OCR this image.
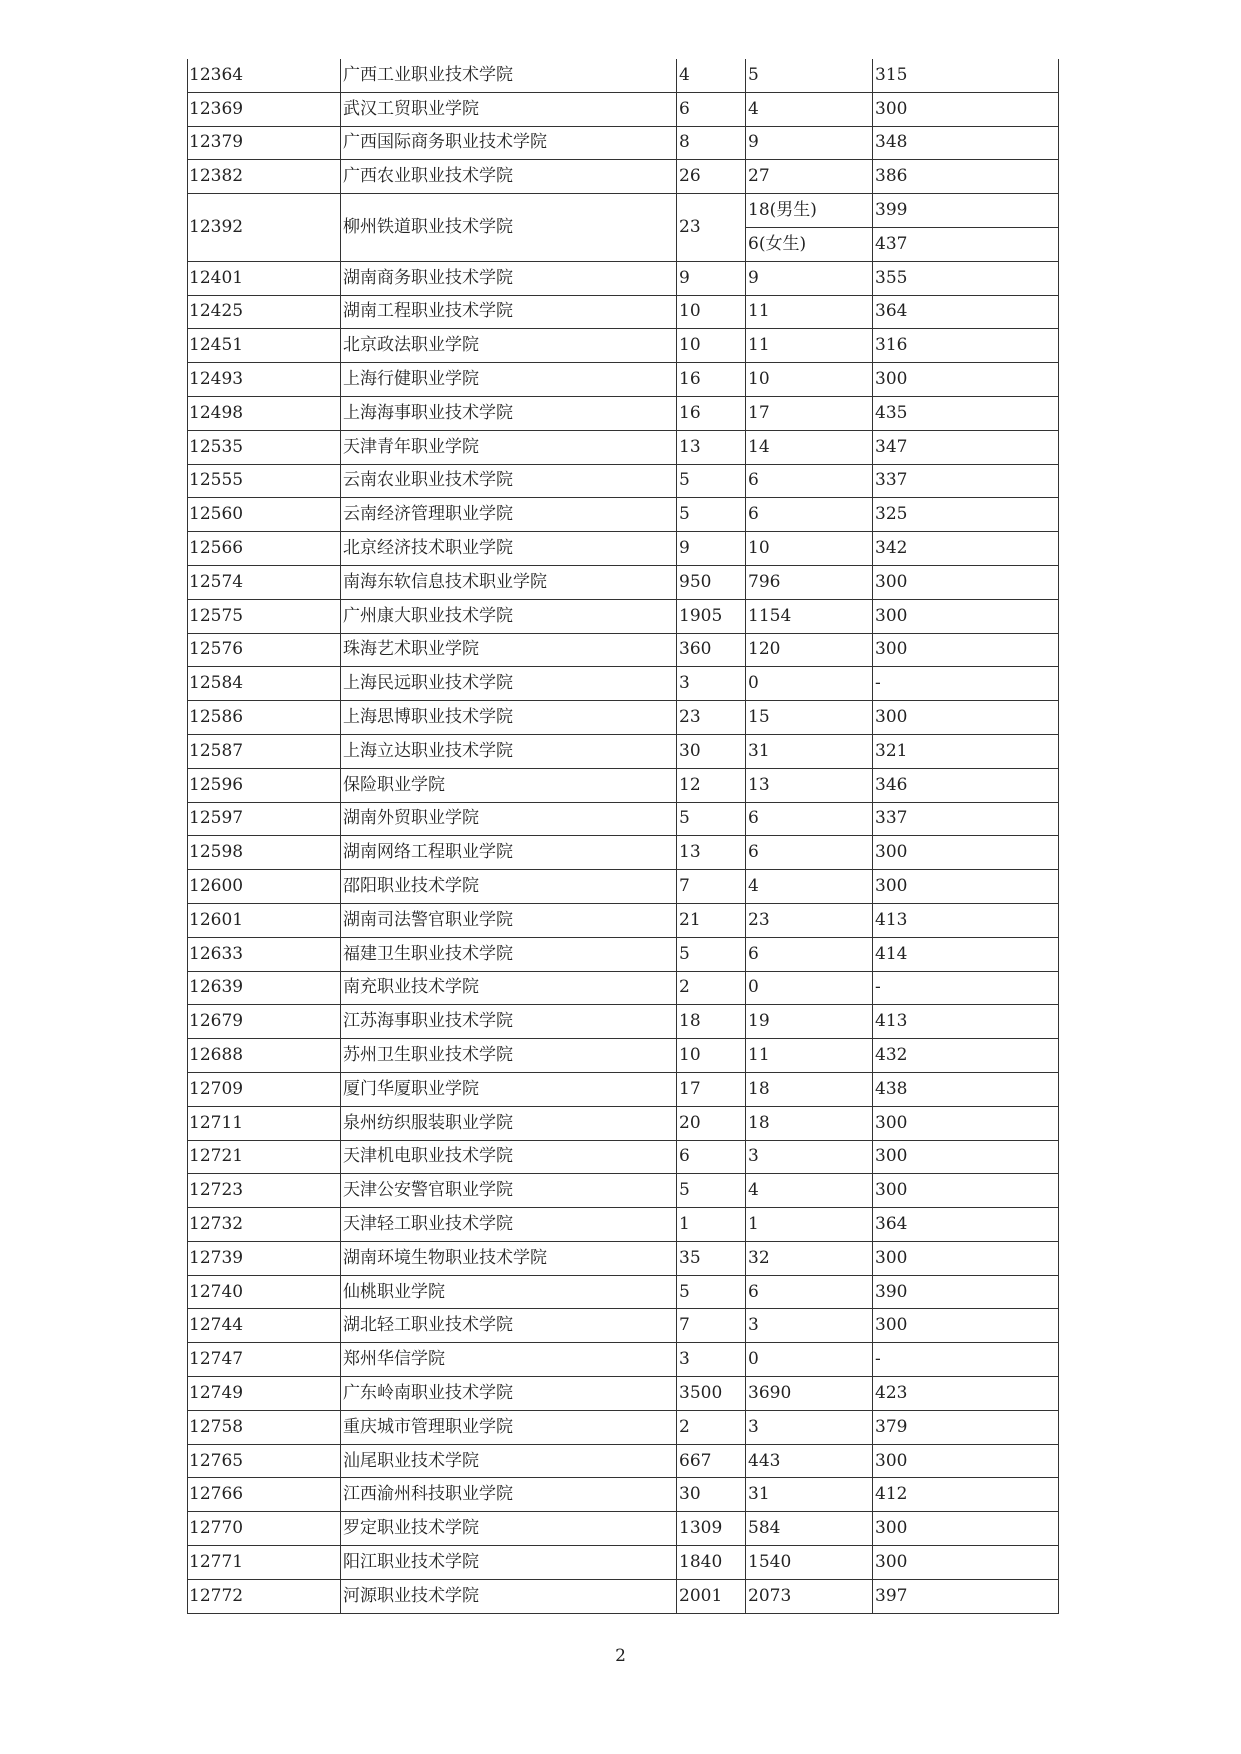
12364	广西工业职业技术学院	4	5	315
12369	武汉工贸职业学院	6	4	300
12379	广西国际商务职业技术学院	8	9	348
12382	广西农业职业技术学院	26	27	386
12392	柳州铁道职业技术学院	23	18(男生)	399
			6(女生)	437
12401	湖南商务职业技术学院	9	9	355
12425	湖南工程职业技术学院	10	11	364
12451	北京政法职业学院	10	11	316
12493	上海行健职业学院	16	10	300
12498	上海海事职业技术学院	16	17	435
12535	天津青年职业学院	13	14	347
12555	云南农业职业技术学院	5	6	337
12560	云南经济管理职业学院	5	6	325
12566	北京经济技术职业学院	9	10	342
12574	南海东软信息技术职业学院	950	796	300
12575	广州康大职业技术学院	1905	1154	300
12576	珠海艺术职业学院	360	120	300
12584	上海民远职业技术学院	3	0	-
12586	上海思博职业技术学院	23	15	300
12587	上海立达职业技术学院	30	31	321
12596	保险职业学院	12	13	346
12597	湖南外贸职业学院	5	6	337
12598	湖南网络工程职业学院	13	6	300
12600	邵阳职业技术学院	7	4	300
12601	湖南司法警官职业学院	21	23	413
12633	福建卫生职业技术学院	5	6	414
12639	南充职业技术学院	2	0	-
12679	江苏海事职业技术学院	18	19	413
12688	苏州卫生职业技术学院	10	11	432
12709	厦门华厦职业学院	17	18	438
12711	泉州纺织服装职业学院	20	18	300
12721	天津机电职业技术学院	6	3	300
12723	天津公安警官职业学院	5	4	300
12732	天津轻工职业技术学院	1	1	364
12739	湖南环境生物职业技术学院	35	32	300
12740	仙桃职业学院	5	6	390
12744	湖北轻工职业技术学院	7	3	300
12747	郑州华信学院	3	0	-
12749	广东岭南职业技术学院	3500	3690	423
12758	重庆城市管理职业学院	2	3	379
12765	汕尾职业技术学院	667	443	300
12766	江西渝州科技职业学院	30	31	412
12770	罗定职业技术学院	1309	584	300
12771	阳江职业技术学院	1840	1540	300
12772	河源职业技术学院	2001	2073	397
2
